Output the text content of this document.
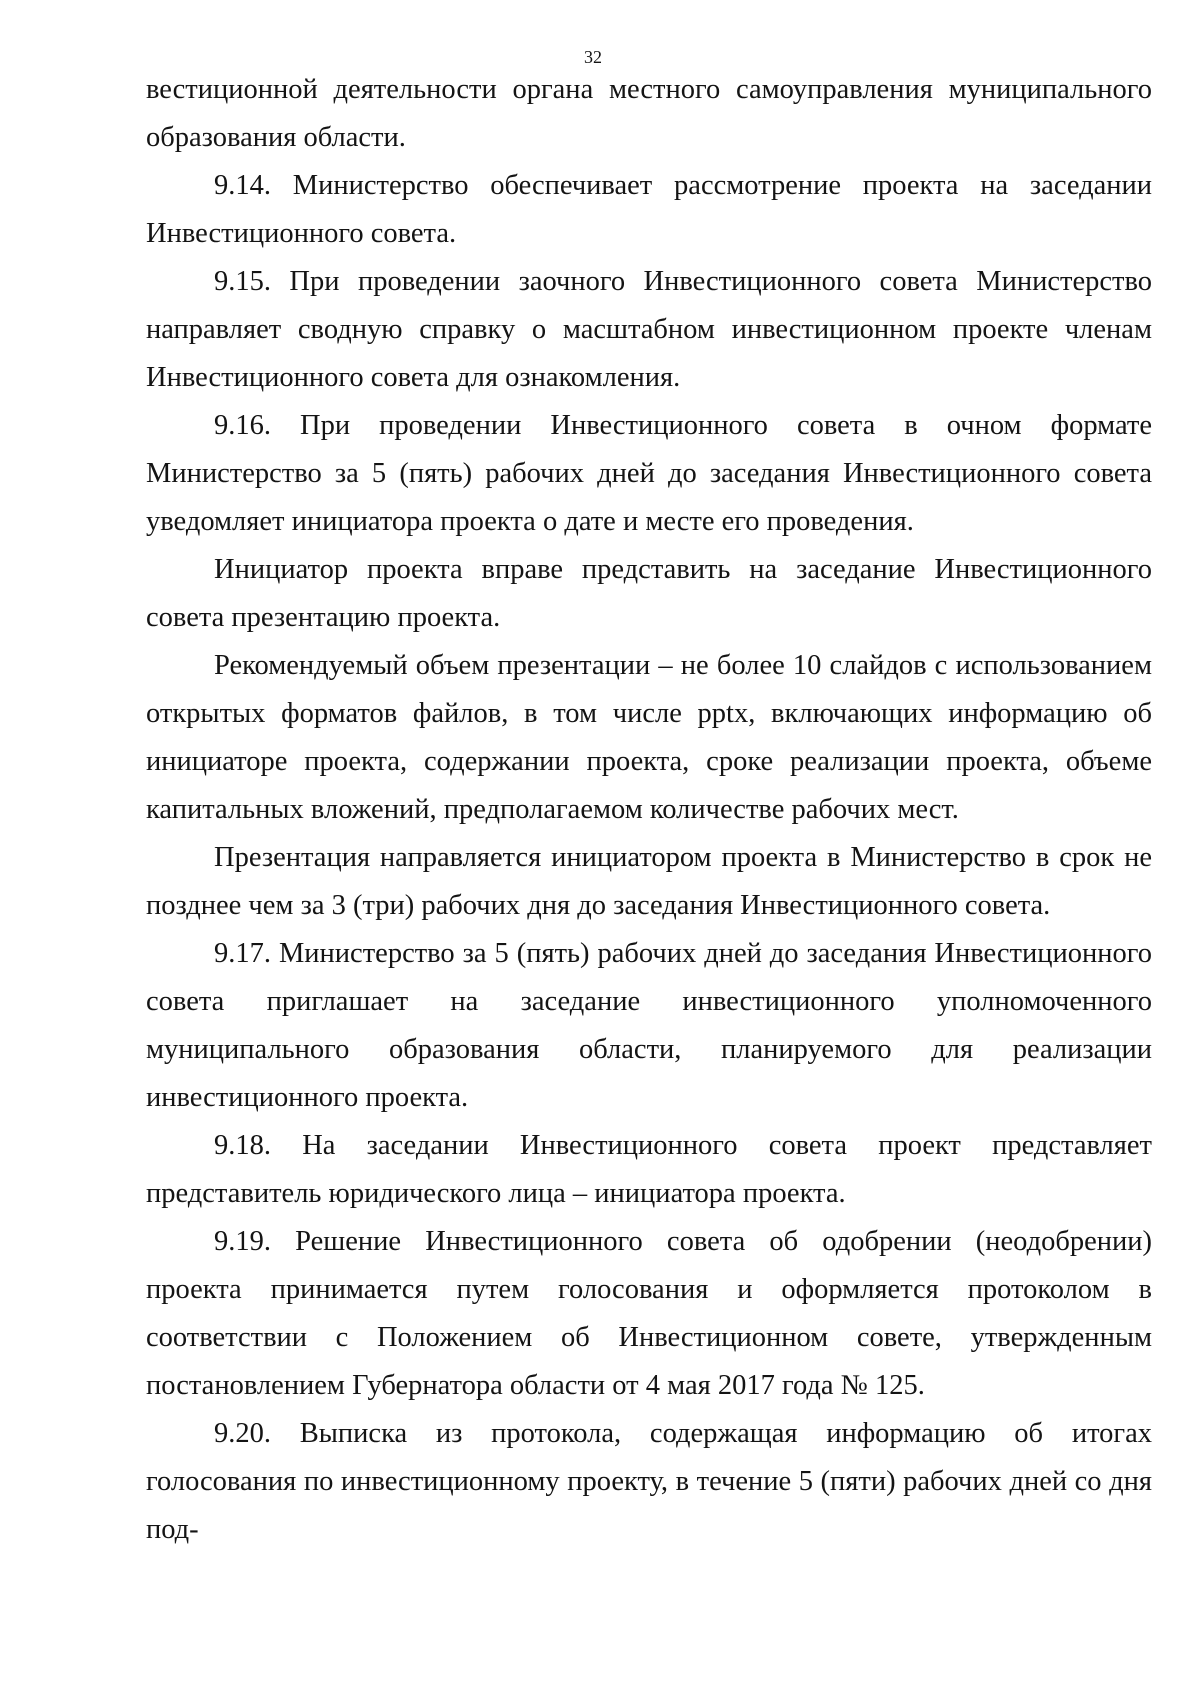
32

вестиционной деятельности органа местного самоуправления муниципального образования области.

9.14. Министерство обеспечивает рассмотрение проекта на заседании Инвестиционного совета.

9.15. При проведении заочного Инвестиционного совета Министерство направляет сводную справку о масштабном инвестиционном проекте членам Инвестиционного совета для ознакомления.

9.16. При проведении Инвестиционного совета в очном формате Министерство за 5 (пять) рабочих дней до заседания Инвестиционного совета уведомляет инициатора проекта о дате и месте его проведения.

Инициатор проекта вправе представить на заседание Инвестиционного совета презентацию проекта.

Рекомендуемый объем презентации – не более 10 слайдов с использованием открытых форматов файлов, в том числе pptx, включающих информацию об инициаторе проекта, содержании проекта, сроке реализации проекта, объеме капитальных вложений, предполагаемом количестве рабочих мест.

Презентация направляется инициатором проекта в Министерство в срок не позднее чем за 3 (три) рабочих дня до заседания Инвестиционного совета.

9.17. Министерство за 5 (пять) рабочих дней до заседания Инвестиционного совета приглашает на заседание инвестиционного уполномоченного муниципального образования области, планируемого для реализации инвестиционного проекта.

9.18. На заседании Инвестиционного совета проект представляет представитель юридического лица – инициатора проекта.

9.19. Решение Инвестиционного совета об одобрении (неодобрении) проекта принимается путем голосования и оформляется протоколом в соответствии с Положением об Инвестиционном совете, утвержденным постановлением Губернатора области от 4 мая 2017 года № 125.

9.20. Выписка из протокола, содержащая информацию об итогах голосования по инвестиционному проекту, в течение 5 (пяти) рабочих дней со дня под-
